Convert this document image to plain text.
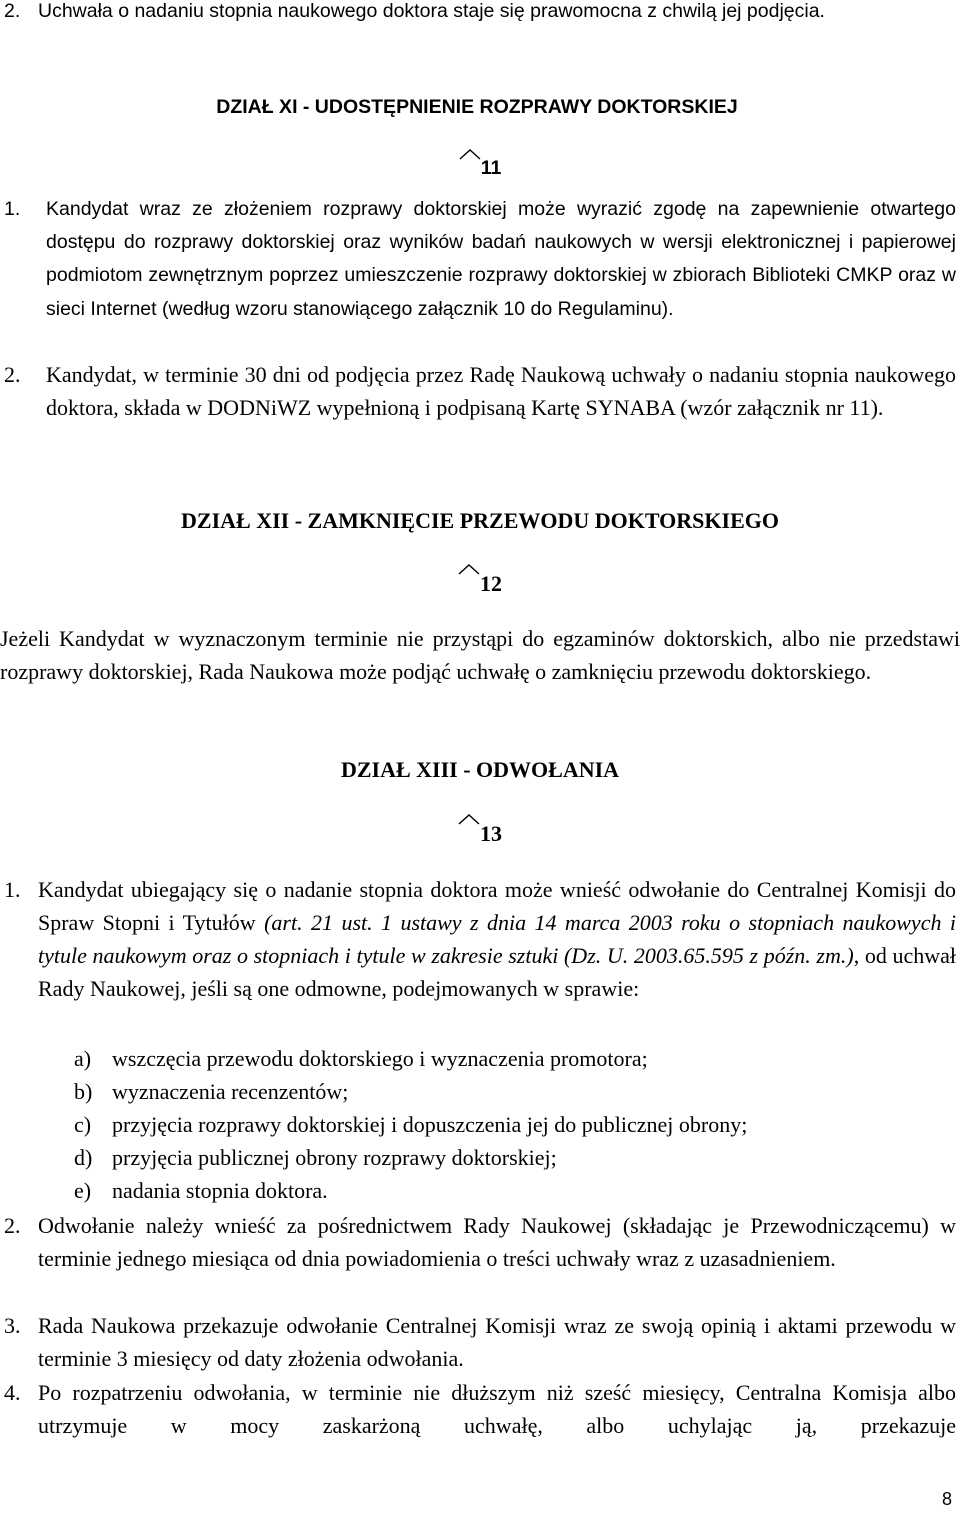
2. Uchwała o nadaniu stopnia naukowego doktora staje się prawomocna z chwilą jej podjęcia.
DZIAŁ XI - UDOSTĘPNIENIE ROZPRAWY DOKTORSKIEJ
11
1. Kandydat wraz ze złożeniem rozprawy doktorskiej może wyrazić zgodę na zapewnienie otwartego dostępu do rozprawy doktorskiej oraz wyników badań naukowych w wersji elektronicznej i papierowej podmiotom zewnętrznym poprzez umieszczenie rozprawy doktorskiej w zbiorach Biblioteki CMKP oraz w sieci Internet (według wzoru stanowiącego załącznik 10 do Regulaminu).
2. Kandydat, w terminie 30 dni od podjęcia przez Radę Naukową uchwały o nadaniu stopnia naukowego doktora, składa w DODNiWZ wypełnioną i podpisaną Kartę SYNABA (wzór załącznik nr 11).
DZIAŁ XII - ZAMKNIĘCIE PRZEWODU DOKTORSKIEGO
12
Jeżeli Kandydat w wyznaczonym terminie nie przystąpi do egzaminów doktorskich, albo nie przedstawi rozprawy doktorskiej, Rada Naukowa może podjąć uchwałę o zamknięciu przewodu doktorskiego.
DZIAŁ XIII - ODWOŁANIA
13
1. Kandydat ubiegający się o nadanie stopnia doktora może wnieść odwołanie do Centralnej Komisji do Spraw Stopni i Tytułów (art. 21 ust. 1 ustawy z dnia 14 marca 2003 roku o stopniach naukowych i tytule naukowym oraz o stopniach i tytule w zakresie sztuki (Dz. U. 2003.65.595 z późn. zm.), od uchwał Rady Naukowej, jeśli są one odmowne, podejmowanych w sprawie:
a) wszczęcia przewodu doktorskiego i wyznaczenia promotora;
b) wyznaczenia recenzentów;
c) przyjęcia rozprawy doktorskiej i dopuszczenia jej do publicznej obrony;
d) przyjęcia publicznej obrony rozprawy doktorskiej;
e) nadania stopnia doktora.
2. Odwołanie należy wnieść za pośrednictwem Rady Naukowej (składając je Przewodniczącemu) w terminie jednego miesiąca od dnia powiadomienia o treści uchwały wraz z uzasadnieniem.
3. Rada Naukowa przekazuje odwołanie Centralnej Komisji wraz ze swoją opinią i aktami przewodu w terminie 3 miesięcy od daty złożenia odwołania.
4. Po rozpatrzeniu odwołania, w terminie nie dłuższym niż sześć miesięcy, Centralna Komisja albo utrzymuje w mocy zaskarżoną uchwałę, albo uchylając ją, przekazuje
8
